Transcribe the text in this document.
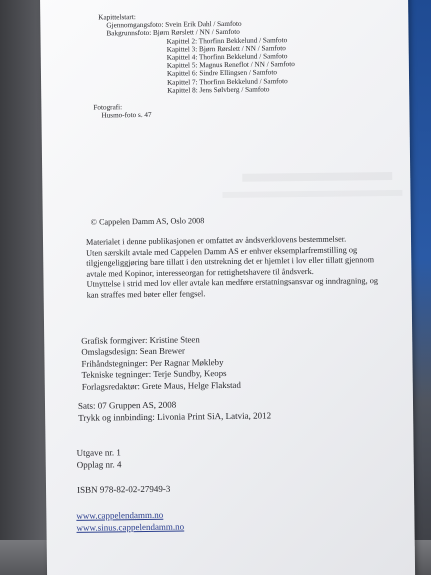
​
Kapittelstart:
Gjennomgangsfoto: Svein Erik Dahl / Samfoto
Bakgrunnsfoto: Bjørn Rørslett / NN / Samfoto
Kapittel 2: Thorfinn Bekkelund / Samfoto
Kapittel 3: Bjørn Rørslett / NN / Samfoto
Kapittel 4: Thorfinn Bekkelund / Samfoto
Kapittel 5: Magnus Reneflot / NN / Samfoto
Kapittel 6: Sindre Ellingsen / Samfoto
Kapittel 7: Thorfinn Bekkelund / Samfoto
Kapittel 8: Jens Sølvberg / Samfoto
Fotografi:
Husmo-foto s. 47
© Cappelen Damm AS, Oslo 2008
Materialet i denne publikasjonen er omfattet av åndsverklovens bestemmelser.
Uten særskilt avtale med Cappelen Damm AS er enhver eksemplarfremstilling og
tilgjengeliggjøring bare tillatt i den utstrekning det er hjemlet i lov eller tillatt gjennom
avtale med Kopinor, interesseorgan for rettighetshavere til åndsverk.
Utnyttelse i strid med lov eller avtale kan medføre erstatningsansvar og inndragning, og
kan straffes med bøter eller fengsel.
Grafisk formgiver: Kristine Steen
Omslagsdesign: Sean Brewer
Frihåndstegninger: Per Ragnar Møkleby
Tekniske tegninger: Terje Sundby, Keops
Forlagsredaktør: Grete Maus, Helge Flakstad
Sats: 07 Gruppen AS, 2008
Trykk og innbinding: Livonia Print SiA, Latvia, 2012
Utgave nr. 1
Opplag nr. 4
ISBN 978-82-02-27949-3
www.cappelendamm.no
www.sinus.cappelendamm.no
